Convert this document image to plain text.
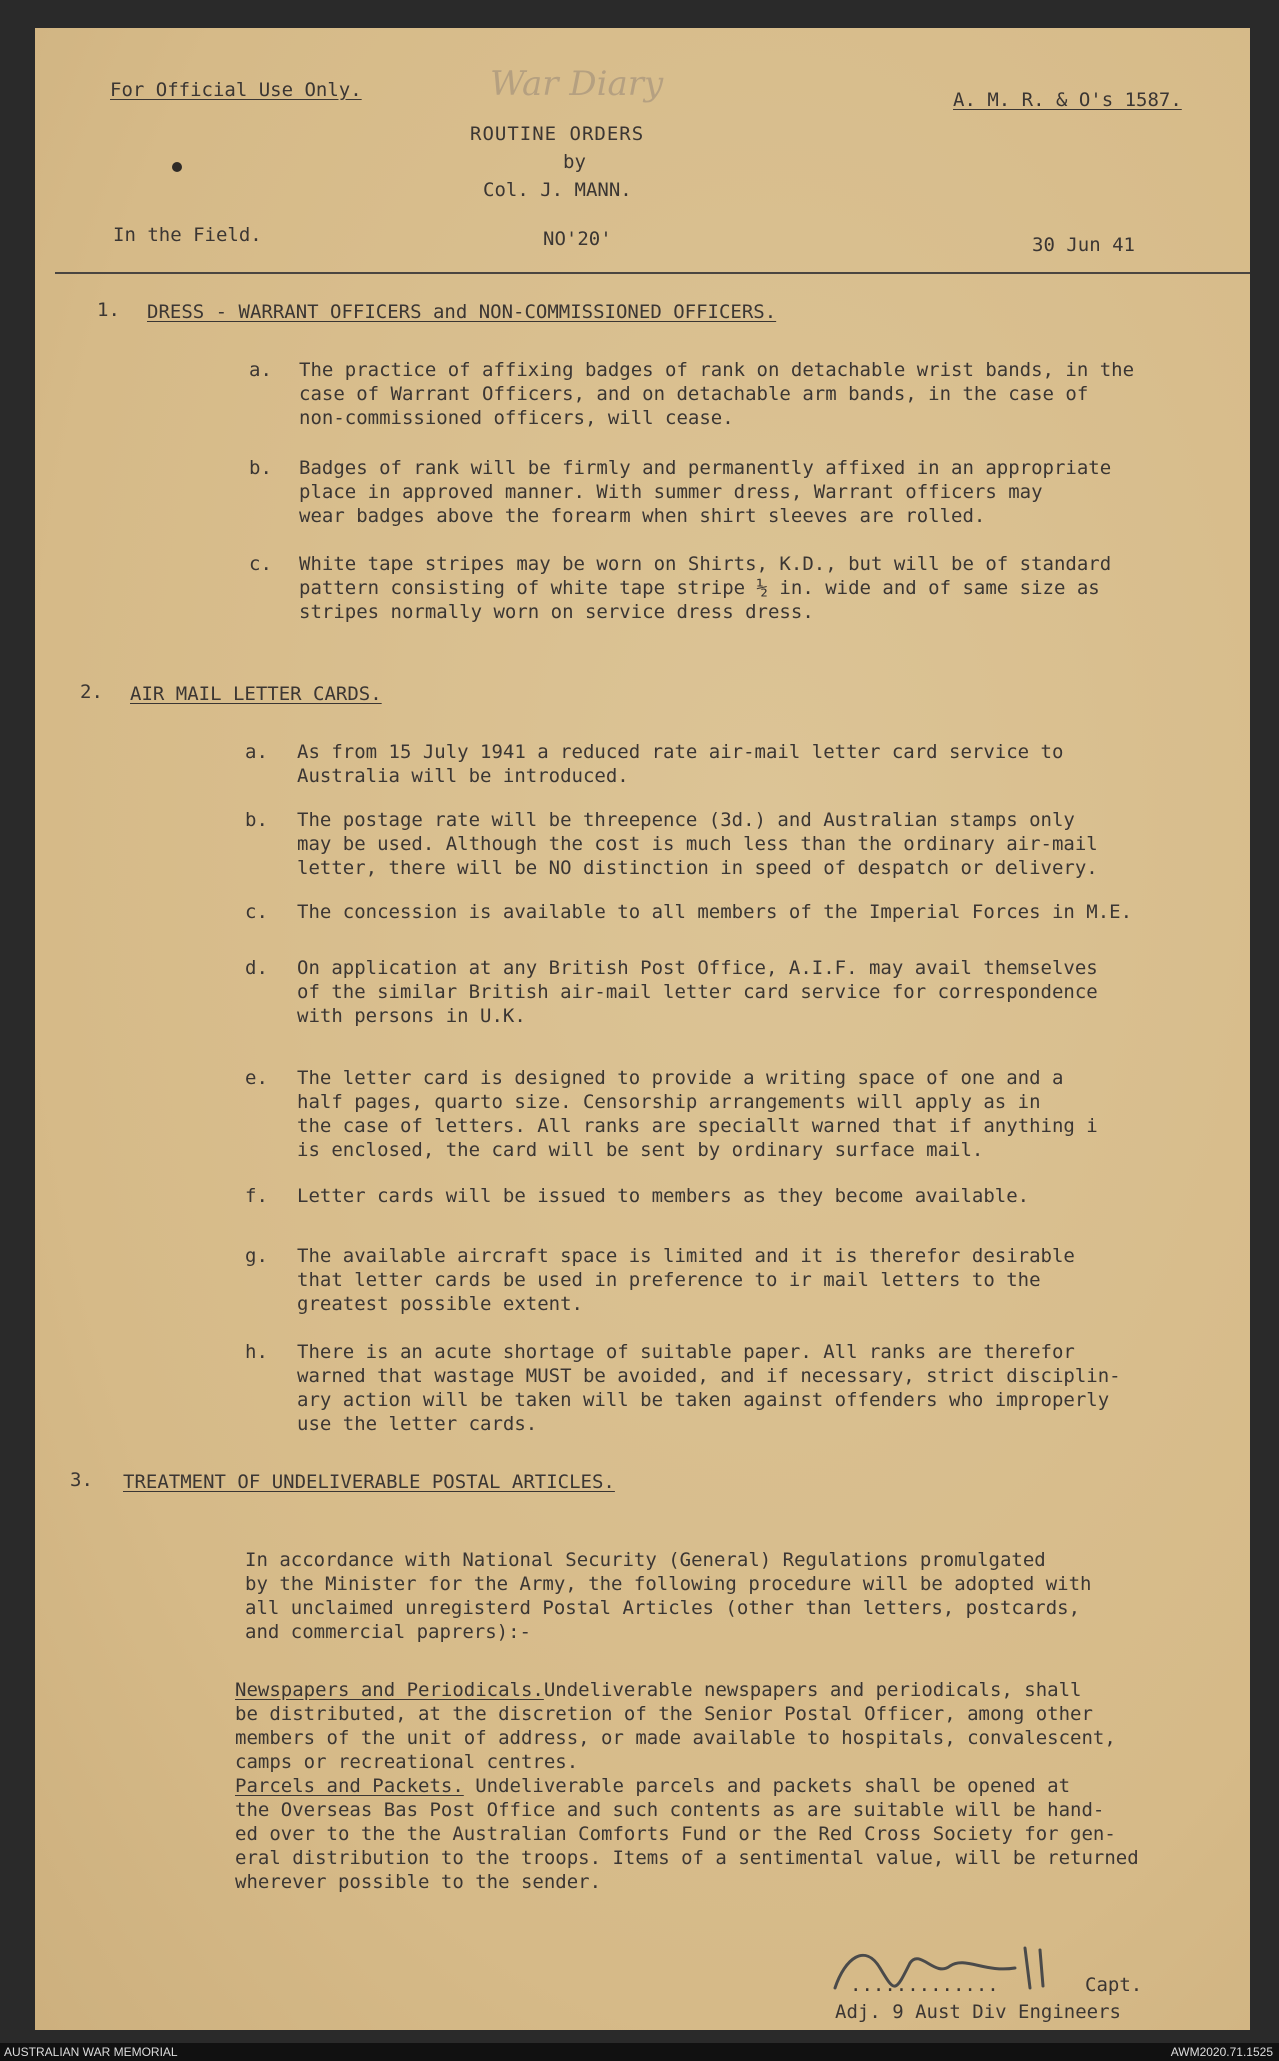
For Official Use Only.	War Diary	A. M. R. & O's 1587.
ROUTINE ORDERS
by
Col. J. MANN.
In the Field.	NO'20'	30 Jun 41
1. DRESS - WARRANT OFFICERS and NON-COMMISSIONED OFFICERS.
a. The practice of affixing badges of rank on detachable wrist bands, in the
case of Warrant Officers, and on detachable arm bands, in the case of
non-commissioned officers, will cease.
b. Badges of rank will be firmly and permanently affixed in an appropriate
place in approved manner. With summer dress, Warrant officers may
wear badges above the forearm when shirt sleeves are rolled.
c. White tape stripes may be worn on Shirts, K.D., but will be of standard
pattern consisting of white tape stripe ½ in. wide and of same size as
stripes normally worn on service dress dress.
2. AIR MAIL LETTER CARDS.
a. As from 15 July 1941 a reduced rate air-mail letter card service to
Australia will be introduced.
b. The postage rate will be threepence (3d.) and Australian stamps only
may be used. Although the cost is much less than the ordinary air-mail
letter, there will be NO distinction in speed of despatch or delivery.
c. The concession is available to all members of the Imperial Forces in M.E.
d. On application at any British Post Office, A.I.F. may avail themselves
of the similar British air-mail letter card service for correspondence
with persons in U.K.
e. The letter card is designed to provide a writing space of one and a
half pages, quarto size. Censorship arrangements will apply as in
the case of letters. All ranks are speciallt warned that if anything i
is enclosed, the card will be sent by ordinary surface mail.
f. Letter cards will be issued to members as they become available.
g. The available aircraft space is limited and it is therefor desirable
that letter cards be used in preference to ir mail letters to the
greatest possible extent.
h. There is an acute shortage of suitable paper. All ranks are therefor
warned that wastage MUST be avoided, and if necessary, strict disciplin-
ary action will be taken will be taken against offenders who improperly
use the letter cards.
3. TREATMENT OF UNDELIVERABLE POSTAL ARTICLES.
In accordance with National Security (General) Regulations promulgated
by the Minister for the Army, the following procedure will be adopted with
all unclaimed unregisterd Postal Articles (other than letters, postcards,
and commercial paprers):-
Newspapers and Periodicals.Undeliverable newspapers and periodicals, shall
be distributed, at the discretion of the Senior Postal Officer, among other
members of the unit of address, or made available to hospitals, convalescent,
camps or recreational centres.
Parcels and Packets. Undeliverable parcels and packets shall be opened at
the Overseas Bas Post Office and such contents as are suitable will be hand-
ed over to the the Australian Comforts Fund or the Red Cross Society for gen-
eral distribution to the troops. Items of a sentimental value, will be returned
wherever possible to the sender.
.............	Capt.
Adj. 9 Aust Div Engineers
AUSTRALIAN WAR MEMORIAL	AWM2020.71.1525
